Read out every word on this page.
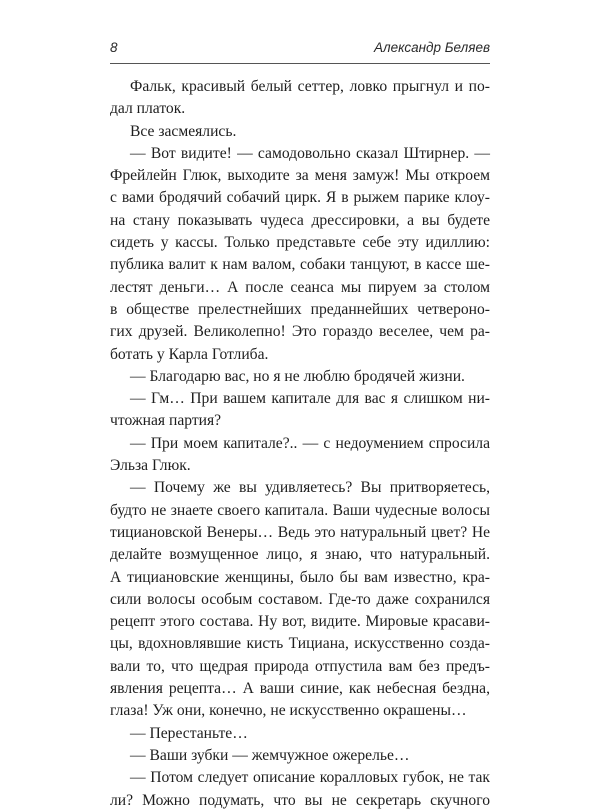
8	Александр Беляев
Фальк, красивый белый сеттер, ловко прыгнул и по-
дал платок.
Все засмеялись.
— Вот видите! — самодовольно сказал Штирнер. —
Фрейлейн Глюк, выходите за меня замуж! Мы откроем
с вами бродячий собачий цирк. Я в рыжем парике клоу-
на стану показывать чудеса дрессировки, а вы будете
сидеть у кассы. Только представьте себе эту идиллию:
публика валит к нам валом, собаки танцуют, в кассе ше-
лестят деньги… А после сеанса мы пируем за столом
в обществе прелестнейших преданнейших четвероно-
гих друзей. Великолепно! Это гораздо веселее, чем ра-
ботать у Карла Готлиба.
— Благодарю вас, но я не люблю бродячей жизни.
— Гм… При вашем капитале для вас я слишком ни-
чтожная партия?
— При моем капитале?.. — с недоумением спросила
Эльза Глюк.
— Почему же вы удивляетесь? Вы притворяетесь,
будто не знаете своего капитала. Ваши чудесные волосы
тициановской Венеры… Ведь это натуральный цвет? Не
делайте возмущенное лицо, я знаю, что натуральный.
А тициановские женщины, было бы вам известно, кра-
сили волосы особым составом. Где-то даже сохранился
рецепт этого состава. Ну вот, видите. Мировые красави-
цы, вдохновлявшие кисть Тициана, искусственно созда-
вали то, что щедрая природа отпустила вам без предъ-
явления рецепта… А ваши синие, как небесная бездна,
глаза! Уж они, конечно, не искусственно окрашены…
— Перестаньте…
— Ваши зубки — жемчужное ожерелье…
— Потом следует описание коралловых губок, не так
ли? Можно подумать, что вы не секретарь скучного
